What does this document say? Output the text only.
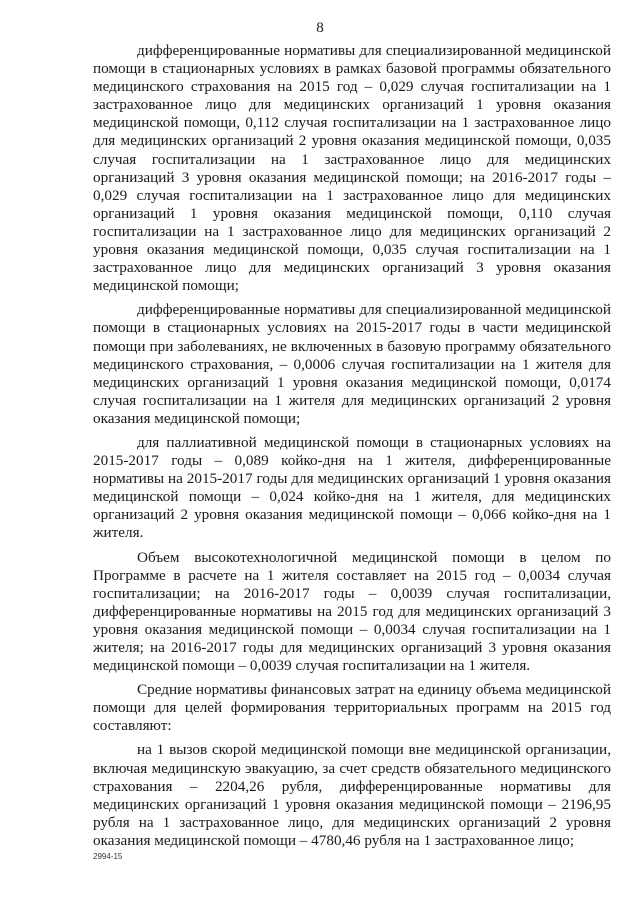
8

дифференцированные нормативы для специализированной медицинской помощи в стационарных условиях в рамках базовой программы обязательного медицинского страхования на 2015 год – 0,029 случая госпитализации на 1 застрахованное лицо для медицинских организаций 1 уровня оказания медицинской помощи, 0,112 случая госпитализации на 1 застрахованное лицо для медицинских организаций 2 уровня оказания медицинской помощи, 0,035 случая госпитализации на 1 застрахованное лицо для медицинских организаций 3 уровня оказания медицинской помощи; на 2016-2017 годы – 0,029 случая госпитализации на 1 застрахованное лицо для медицинских организаций 1 уровня оказания медицинской помощи, 0,110 случая госпитализации на 1 застрахованное лицо для медицинских организаций 2 уровня оказания медицинской помощи, 0,035 случая госпитализации на 1 застрахованное лицо для медицинских организаций 3 уровня оказания медицинской помощи;

дифференцированные нормативы для специализированной медицинской помощи в стационарных условиях на 2015-2017 годы в части медицинской помощи при заболеваниях, не включенных в базовую программу обязательного медицинского страхования, – 0,0006 случая госпитализации на 1 жителя для медицинских организаций 1 уровня оказания медицинской помощи, 0,0174 случая госпитализации на 1 жителя для медицинских организаций 2 уровня оказания медицинской помощи;

для паллиативной медицинской помощи в стационарных условиях на 2015-2017 годы – 0,089 койко-дня на 1 жителя, дифференцированные нормативы на 2015-2017 годы для медицинских организаций 1 уровня оказания медицинской помощи – 0,024 койко-дня на 1 жителя, для медицинских организаций 2 уровня оказания медицинской помощи – 0,066 койко-дня на 1 жителя.

Объем высокотехнологичной медицинской помощи в целом по Программе в расчете на 1 жителя составляет на 2015 год – 0,0034 случая госпитализации; на 2016-2017 годы – 0,0039 случая госпитализации, дифференцированные нормативы на 2015 год для медицинских организаций 3 уровня оказания медицинской помощи – 0,0034 случая госпитализации на 1 жителя; на 2016-2017 годы для медицинских организаций 3 уровня оказания медицинской помощи – 0,0039 случая госпитализации на 1 жителя.

Средние нормативы финансовых затрат на единицу объема медицинской помощи для целей формирования территориальных программ на 2015 год составляют:

на 1 вызов скорой медицинской помощи вне медицинской организации, включая медицинскую эвакуацию, за счет средств обязательного медицинского страхования – 2204,26 рубля, дифференцированные нормативы для медицинских организаций 1 уровня оказания медицинской помощи – 2196,95 рубля на 1 застрахованное лицо, для медицинских организаций 2 уровня оказания медицинской помощи – 4780,46 рубля на 1 застрахованное лицо;

2994-15
